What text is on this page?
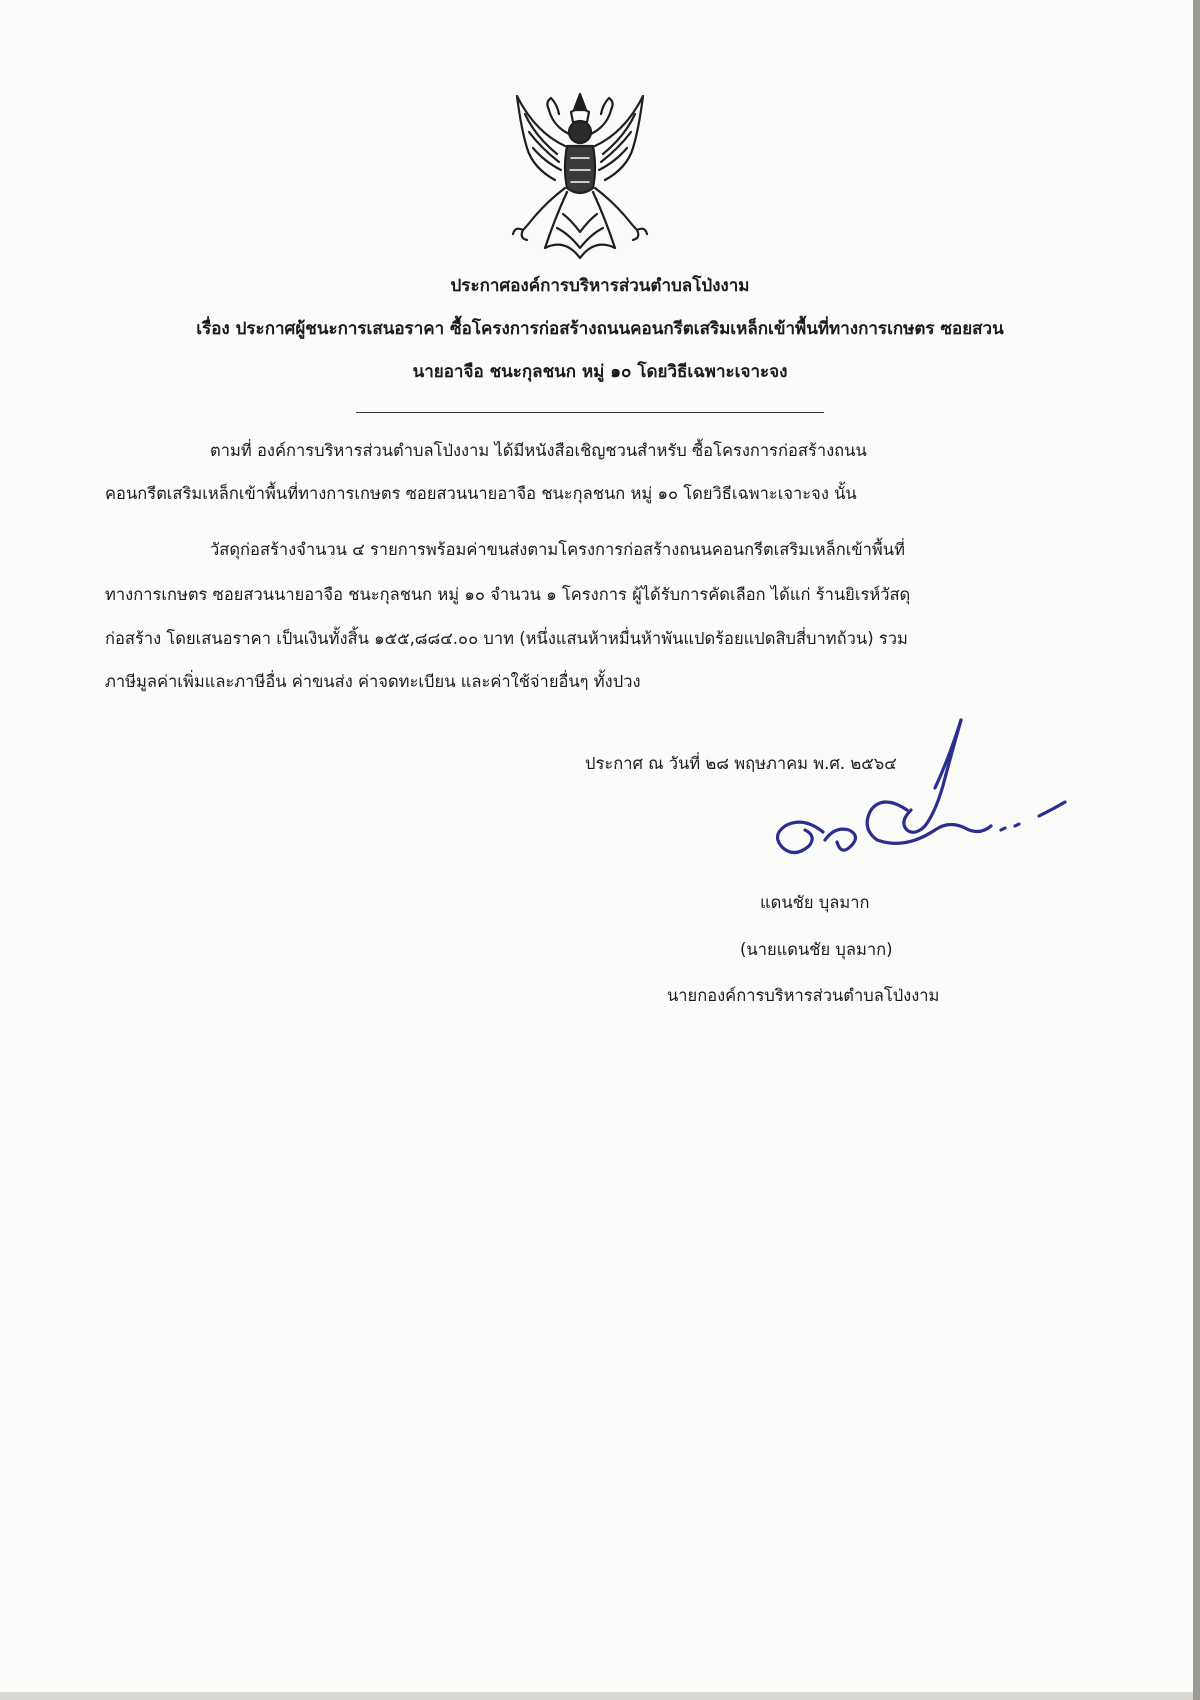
ประกาศองค์การบริหารส่วนตำบลโป่งงาม
เรื่อง ประกาศผู้ชนะการเสนอราคา ซื้อโครงการก่อสร้างถนนคอนกรีตเสริมเหล็กเข้าพื้นที่ทางการเกษตร ซอยสวน
นายอาจือ ชนะกุลชนก หมู่ ๑๐ โดยวิธีเฉพาะเจาะจง
ตามที่ องค์การบริหารส่วนตำบลโป่งงาม ได้มีหนังสือเชิญชวนสำหรับ ซื้อโครงการก่อสร้างถนน
คอนกรีตเสริมเหล็กเข้าพื้นที่ทางการเกษตร ซอยสวนนายอาจือ ชนะกุลชนก หมู่ ๑๐ โดยวิธีเฉพาะเจาะจง นั้น
วัสดุก่อสร้างจำนวน ๔ รายการพร้อมค่าขนส่งตามโครงการก่อสร้างถนนคอนกรีตเสริมเหล็กเข้าพื้นที่
ทางการเกษตร ซอยสวนนายอาจือ ชนะกุลชนก หมู่ ๑๐ จำนวน ๑ โครงการ ผู้ได้รับการคัดเลือก ได้แก่ ร้านยิเรห์วัสดุ
ก่อสร้าง โดยเสนอราคา เป็นเงินทั้งสิ้น ๑๕๕,๘๘๔.๐๐ บาท (หนึ่งแสนห้าหมื่นห้าพันแปดร้อยแปดสิบสี่บาทถ้วน) รวม
ภาษีมูลค่าเพิ่มและภาษีอื่น ค่าขนส่ง ค่าจดทะเบียน และค่าใช้จ่ายอื่นๆ ทั้งปวง
ประกาศ ณ วันที่ ๒๘ พฤษภาคม พ.ศ. ๒๕๖๔
แดนชัย บุลมาก
(นายแดนชัย บุลมาก)
นายกองค์การบริหารส่วนตำบลโป่งงาม
